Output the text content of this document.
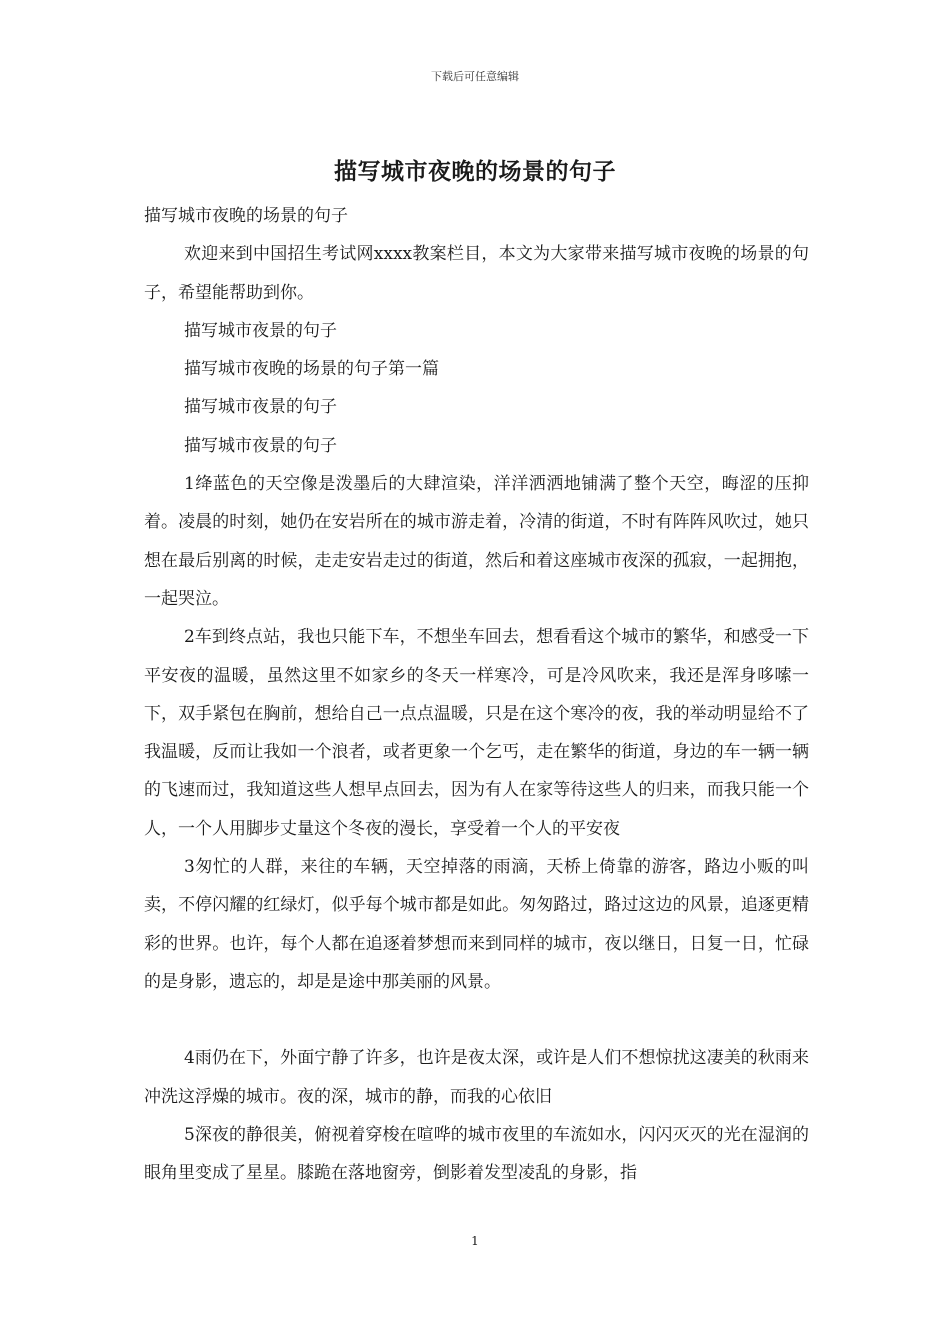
下载后可任意编辑
描写城市夜晚的场景的句子

描写城市夜晚的场景的句子

欢迎来到中国招生考试网xxxx教案栏目，本文为大家带来描写城市夜晚的场景的句子，希望能帮助到你。

描写城市夜景的句子

描写城市夜晚的场景的句子第一篇

描写城市夜景的句子

描写城市夜景的句子

1绛蓝色的天空像是泼墨后的大肆渲染，洋洋洒洒地铺满了整个天空，晦涩的压抑着。凌晨的时刻，她仍在安岩所在的城市游走着，冷清的街道，不时有阵阵风吹过，她只想在最后别离的时候，走走安岩走过的街道，然后和着这座城市夜深的孤寂，一起拥抱，一起哭泣。

2车到终点站，我也只能下车，不想坐车回去，想看看这个城市的繁华，和感受一下平安夜的温暖，虽然这里不如家乡的冬天一样寒冷，可是冷风吹来，我还是浑身哆嗦一下，双手紧包在胸前，想给自己一点点温暖，只是在这个寒冷的夜，我的举动明显给不了我温暖，反而让我如一个浪者，或者更象一个乞丐，走在繁华的街道，身边的车一辆一辆的飞速而过，我知道这些人想早点回去，因为有人在家等待这些人的归来，而我只能一个人，一个人用脚步丈量这个冬夜的漫长，享受着一个人的平安夜

3匆忙的人群，来往的车辆，天空掉落的雨滴，天桥上倚靠的游客，路边小贩的叫卖，不停闪耀的红绿灯，似乎每个城市都是如此。匆匆路过，路过这边的风景，追逐更精彩的世界。也许，每个人都在追逐着梦想而来到同样的城市，夜以继日，日复一日，忙碌的是身影，遗忘的，却是是途中那美丽的风景。

4雨仍在下，外面宁静了许多，也许是夜太深，或许是人们不想惊扰这凄美的秋雨来冲洗这浮燥的城市。夜的深，城市的静，而我的心依旧

5深夜的静很美，俯视着穿梭在喧哗的城市夜里的车流如水，闪闪灭灭的光在湿润的眼角里变成了星星。膝跪在落地窗旁，倒影着发型凌乱的身影，指

1
